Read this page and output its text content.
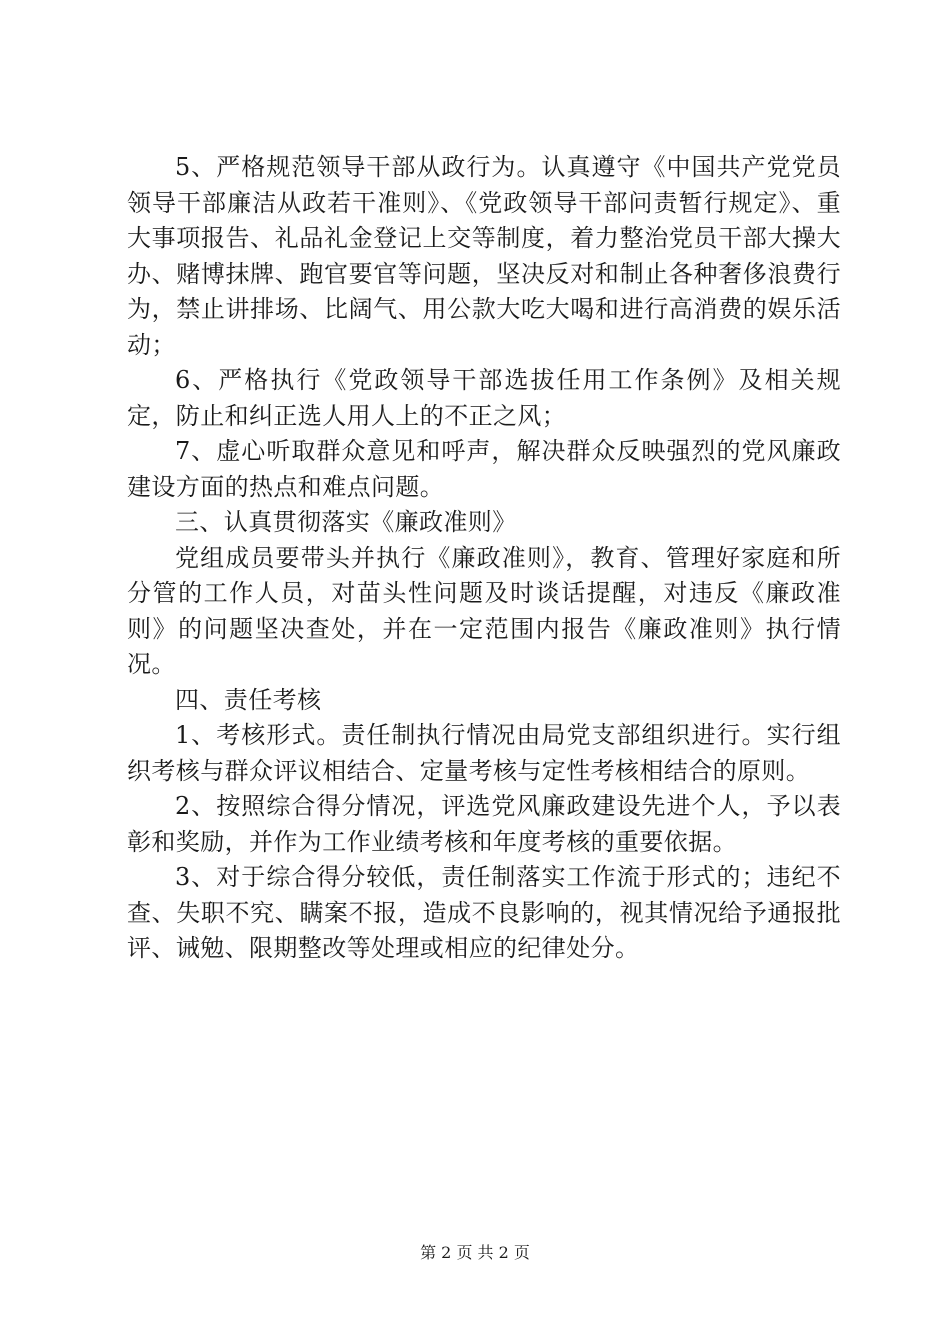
5、严格规范领导干部从政行为。认真遵守《中国共产党党员领导干部廉洁从政若干准则》、《党政领导干部问责暂行规定》、重大事项报告、礼品礼金登记上交等制度，着力整治党员干部大操大办、赌博抹牌、跑官要官等问题，坚决反对和制止各种奢侈浪费行为，禁止讲排场、比阔气、用公款大吃大喝和进行高消费的娱乐活动；

6、严格执行《党政领导干部选拔任用工作条例》及相关规定，防止和纠正选人用人上的不正之风；

7、虚心听取群众意见和呼声，解决群众反映强烈的党风廉政建设方面的热点和难点问题。

三、认真贯彻落实《廉政准则》

党组成员要带头并执行《廉政准则》，教育、管理好家庭和所分管的工作人员，对苗头性问题及时谈话提醒，对违反《廉政准则》的问题坚决查处，并在一定范围内报告《廉政准则》执行情况。

四、责任考核

1、考核形式。责任制执行情况由局党支部组织进行。实行组织考核与群众评议相结合、定量考核与定性考核相结合的原则。

2、按照综合得分情况，评选党风廉政建设先进个人，予以表彰和奖励，并作为工作业绩考核和年度考核的重要依据。

3、对于综合得分较低，责任制落实工作流于形式的；违纪不查、失职不究、瞒案不报，造成不良影响的，视其情况给予通报批评、诫勉、限期整改等处理或相应的纪律处分。

第 2 页 共 2 页
